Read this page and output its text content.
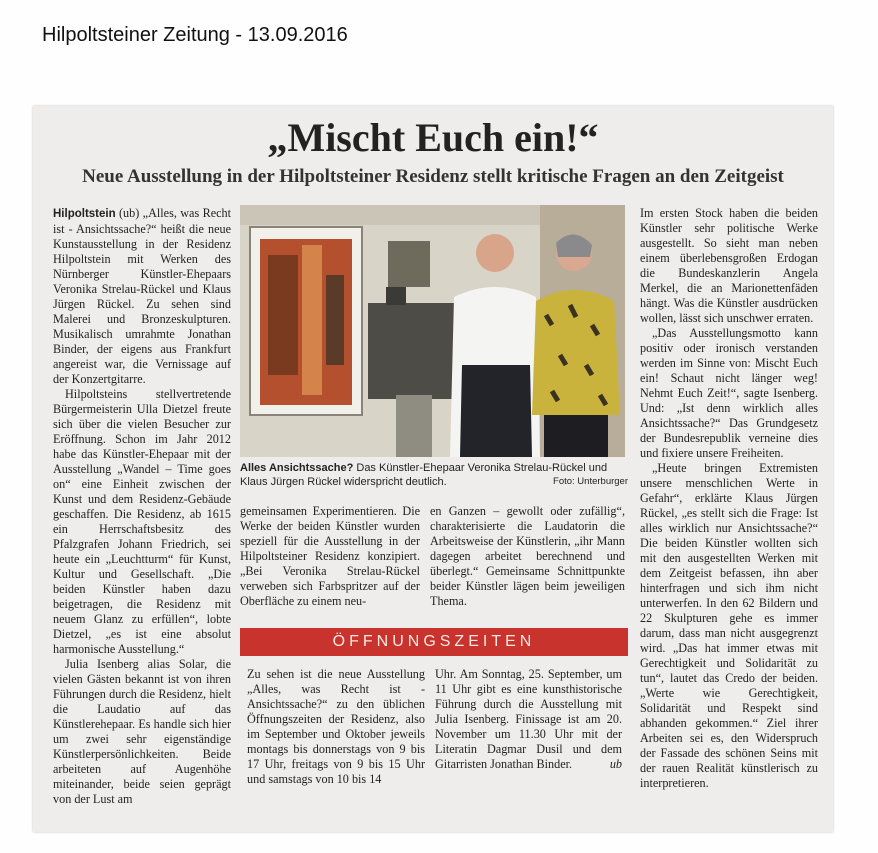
Hilpoltsteiner Zeitung - 13.09.2016
„Mischt Euch ein!“
Neue Ausstellung in der Hilpoltsteiner Residenz stellt kritische Fragen an den Zeitgeist

Hilpoltstein (ub) „Alles, was Recht ist - Ansichtssache?“ heißt die neue Kunstausstellung in der Residenz Hilpoltstein mit Werken des Nürnberger Künstler-Ehepaars Veronika Strelau-Rückel und Klaus Jürgen Rückel. Zu sehen sind Malerei und Bronzeskulpturen. Musikalisch umrahmte Jonathan Binder, der eigens aus Frankfurt angereist war, die Vernissage auf der Konzertgitarre.

Hilpoltsteins stellvertretende Bürgermeisterin Ulla Dietzel freute sich über die vielen Besucher zur Eröffnung. Schon im Jahr 2012 habe das Künstler-Ehepaar mit der Ausstellung „Wandel – Time goes on“ eine Einheit zwischen der Kunst und dem Residenz-Gebäude geschaffen. Die Residenz, ab 1615 ein Herrschaftsbesitz des Pfalzgrafen Johann Friedrich, sei heute ein „Leuchtturm“ für Kunst, Kultur und Gesellschaft. „Die beiden Künstler haben dazu beigetragen, die Residenz mit neuem Glanz zu erfüllen“, lobte Dietzel, „es ist eine absolut harmonische Ausstellung.“

Julia Isenberg alias Solar, die vielen Gästen bekannt ist von ihren Führungen durch die Residenz, hielt die Laudatio auf das Künstlerehepaar. Es handle sich hier um zwei sehr eigenständige Künstlerpersönlichkeiten. Beide arbeiteten auf Augenhöhe miteinander, beide seien geprägt von der Lust am

Alles Ansichtssache? Das Künstler-Ehepaar Veronika Strelau-Rückel und Klaus Jürgen Rückel widerspricht deutlich.	Foto: Unterburger

gemeinsamen Experimentieren. Die Werke der beiden Künstler wurden speziell für die Ausstellung in der Hilpoltsteiner Residenz konzipiert. „Bei Veronika Strelau-Rückel verweben sich Farbspritzer auf der Oberfläche zu einem neu-

en Ganzen – gewollt oder zufällig“, charakterisierte die Laudatorin die Arbeitsweise der Künstlerin, „ihr Mann dagegen arbeitet berechnend und überlegt.“ Gemeinsame Schnittpunkte beider Künstler lägen beim jeweiligen Thema.

ÖFFNUNGSZEITEN

Zu sehen ist die neue Ausstellung „Alles, was Recht ist - Ansichtssache?“ zu den üblichen Öffnungszeiten der Residenz, also im September und Oktober jeweils montags bis donnerstags von 9 bis 17 Uhr, freitags von 9 bis 15 Uhr und samstags von 10 bis 14

Uhr. Am Sonntag, 25. September, um 11 Uhr gibt es eine kunsthistorische Führung durch die Ausstellung mit Julia Isenberg. Finissage ist am 20. November um 11.30 Uhr mit der Literatin Dagmar Dusil und dem Gitarristen Jonathan Binder.	ub

Im ersten Stock haben die beiden Künstler sehr politische Werke ausgestellt. So sieht man neben einem überlebensgroßen Erdogan die Bundeskanzlerin Angela Merkel, die an Marionettenfäden hängt. Was die Künstler ausdrücken wollen, lässt sich unschwer erraten.

„Das Ausstellungsmotto kann positiv oder ironisch verstanden werden im Sinne von: Mischt Euch ein! Schaut nicht länger weg! Nehmt Euch Zeit!“, sagte Isenberg. Und: „Ist denn wirklich alles Ansichtssache?“ Das Grundgesetz der Bundesrepublik verneine dies und fixiere unsere Freiheiten.

„Heute bringen Extremisten unsere menschlichen Werte in Gefahr“, erklärte Klaus Jürgen Rückel, „es stellt sich die Frage: Ist alles wirklich nur Ansichtssache?“ Die beiden Künstler wollten sich mit den ausgestellten Werken mit dem Zeitgeist befassen, ihn aber hinterfragen und sich ihm nicht unterwerfen. In den 62 Bildern und 22 Skulpturen gehe es immer darum, dass man nicht ausgegrenzt wird. „Das hat immer etwas mit Gerechtigkeit und Solidarität zu tun“, lautet das Credo der beiden. „Werte wie Gerechtigkeit, Solidarität und Respekt sind abhanden gekommen.“ Ziel ihrer Arbeiten sei es, den Widerspruch der Fassade des schönen Seins mit der rauen Realität künstlerisch zu interpretieren.
